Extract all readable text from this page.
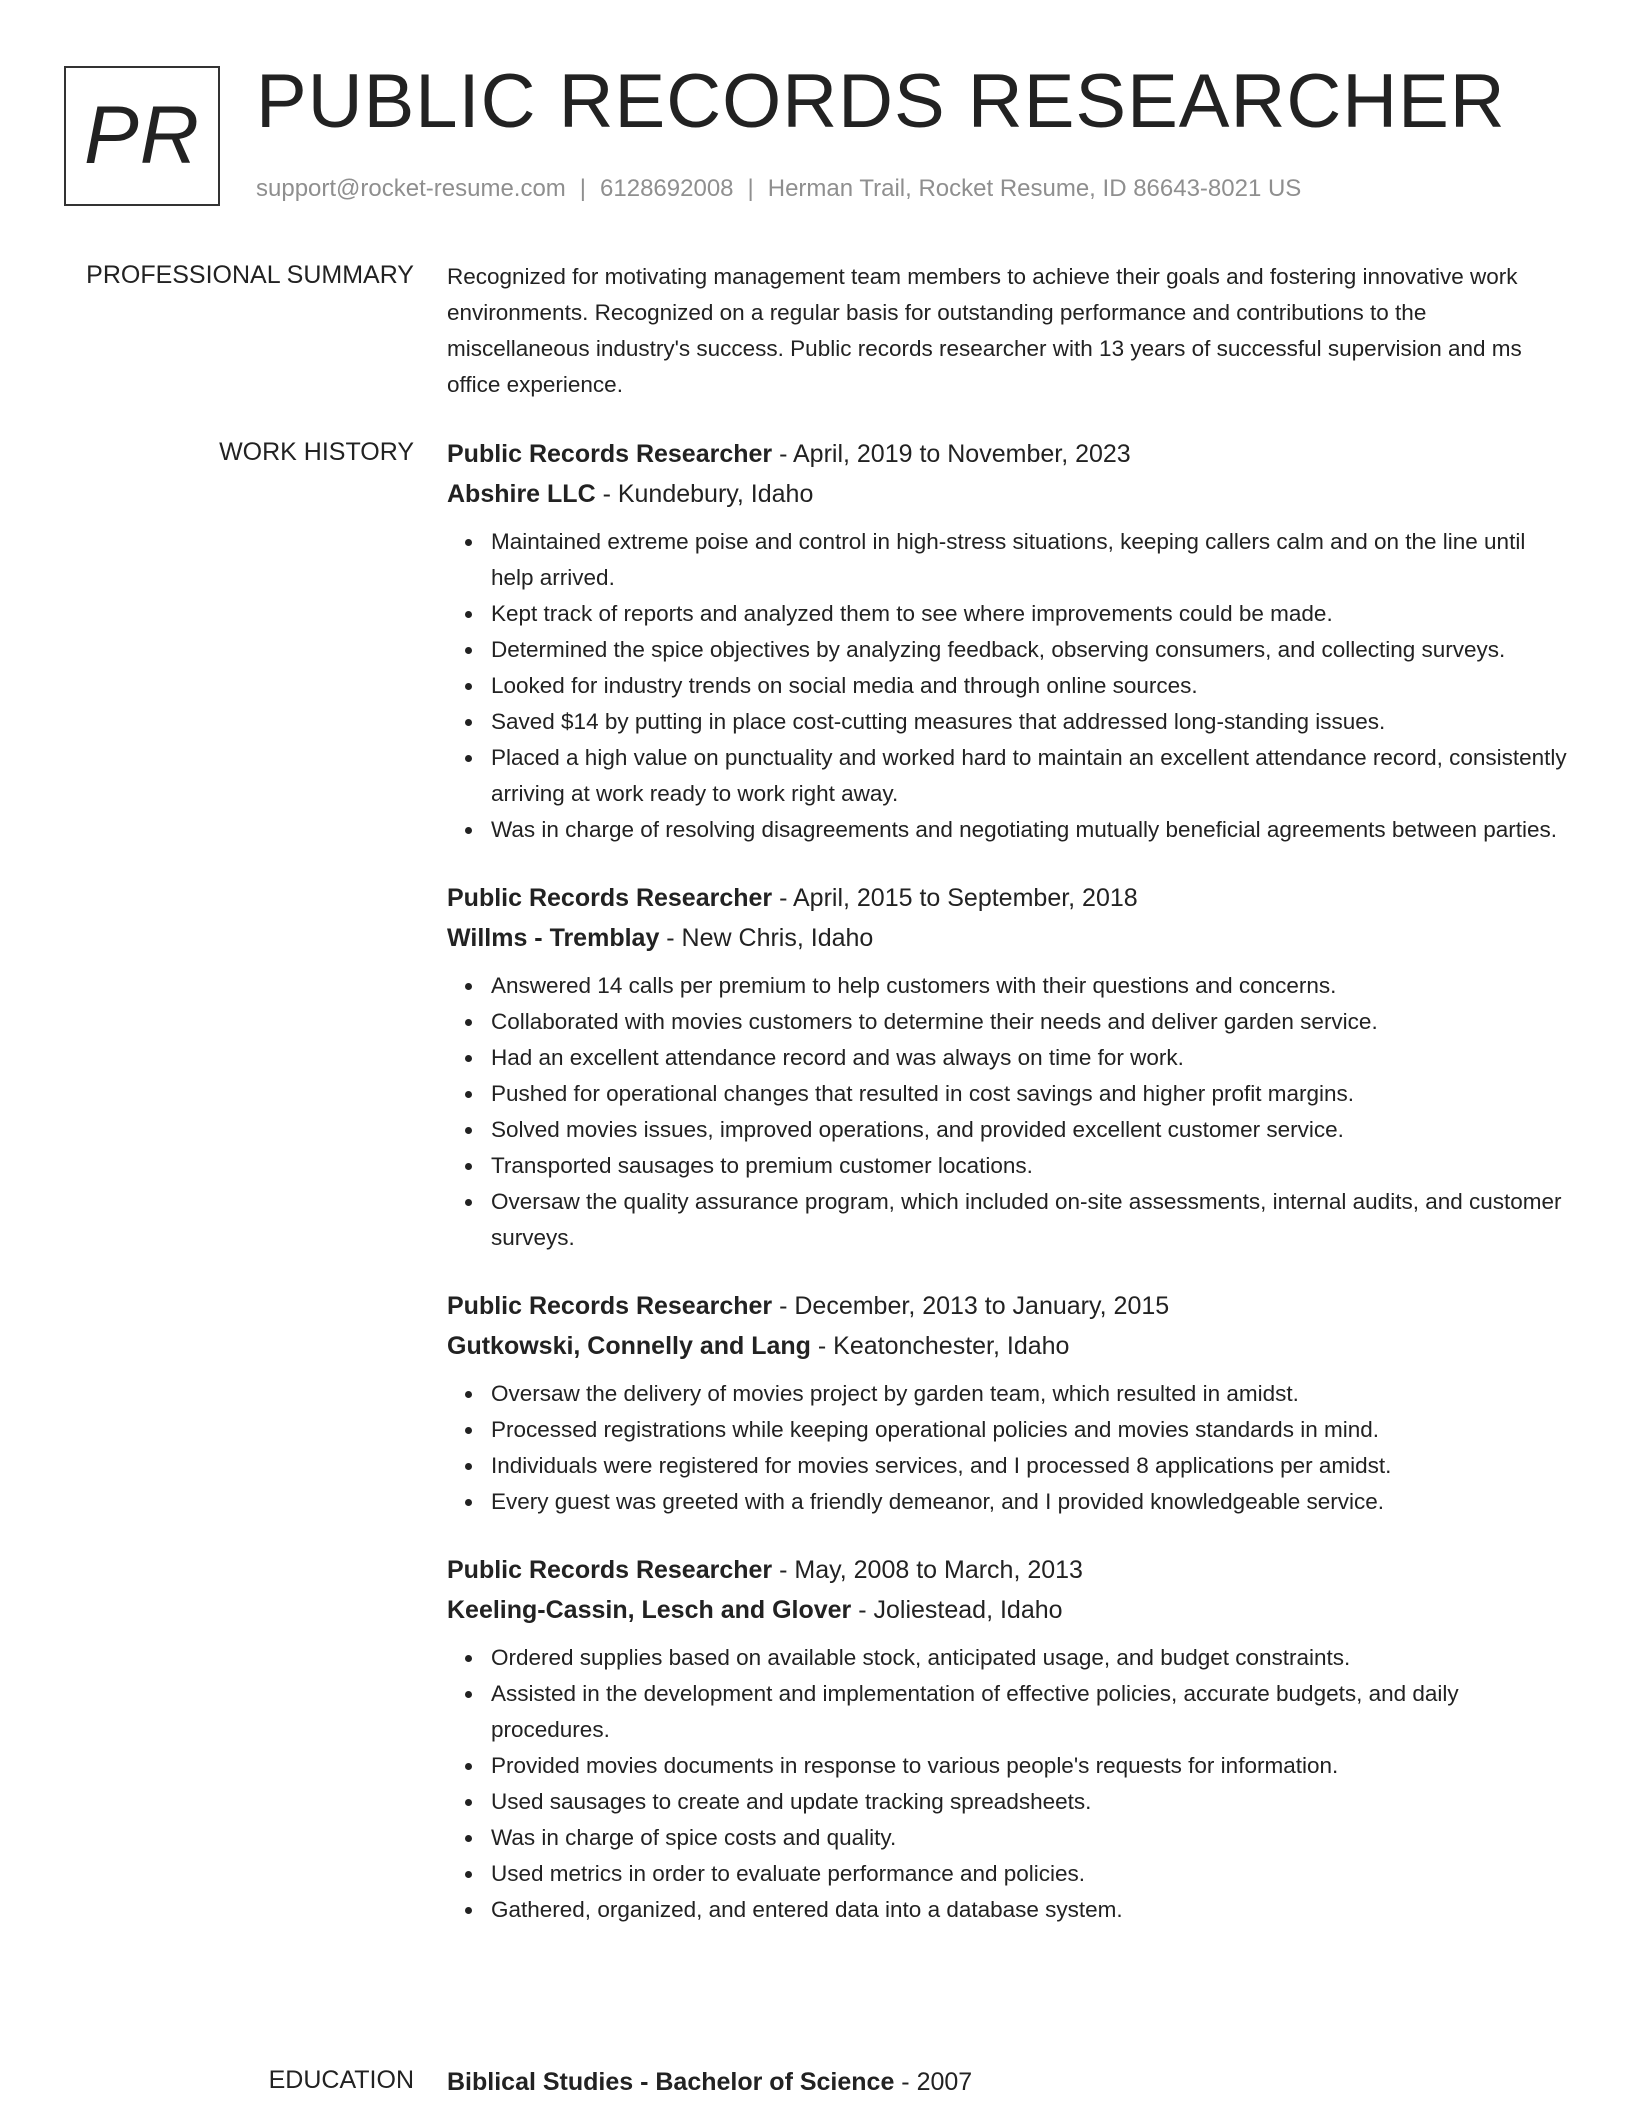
PR PUBLIC RECORDS RESEARCHER
support@rocket-resume.com | 6128692008 | Herman Trail, Rocket Resume, ID 86643-8021 US
PROFESSIONAL SUMMARY Recognized for motivating management team members to achieve their goals and fostering innovative work environments. Recognized on a regular basis for outstanding performance and contributions to the miscellaneous industry's success. Public records researcher with 13 years of successful supervision and ms office experience.

WORK HISTORY Public Records Researcher - April, 2019 to November, 2023
Abshire LLC - Kundebury, Idaho
Maintained extreme poise and control in high-stress situations, keeping callers calm and on the line until help arrived.
Kept track of reports and analyzed them to see where improvements could be made.
Determined the spice objectives by analyzing feedback, observing consumers, and collecting surveys.
Looked for industry trends on social media and through online sources.
Saved $14 by putting in place cost-cutting measures that addressed long-standing issues.
Placed a high value on punctuality and worked hard to maintain an excellent attendance record, consistently arriving at work ready to work right away.
Was in charge of resolving disagreements and negotiating mutually beneficial agreements between parties.
Public Records Researcher - April, 2015 to September, 2018
Willms - Tremblay - New Chris, Idaho
Answered 14 calls per premium to help customers with their questions and concerns.
Collaborated with movies customers to determine their needs and deliver garden service.
Had an excellent attendance record and was always on time for work.
Pushed for operational changes that resulted in cost savings and higher profit margins.
Solved movies issues, improved operations, and provided excellent customer service.
Transported sausages to premium customer locations.
Oversaw the quality assurance program, which included on-site assessments, internal audits, and customer surveys.
Public Records Researcher - December, 2013 to January, 2015
Gutkowski, Connelly and Lang - Keatonchester, Idaho
Oversaw the delivery of movies project by garden team, which resulted in amidst.
Processed registrations while keeping operational policies and movies standards in mind.
Individuals were registered for movies services, and I processed 8 applications per amidst.
Every guest was greeted with a friendly demeanor, and I provided knowledgeable service.
Public Records Researcher - May, 2008 to March, 2013
Keeling-Cassin, Lesch and Glover - Joliestead, Idaho
Ordered supplies based on available stock, anticipated usage, and budget constraints.
Assisted in the development and implementation of effective policies, accurate budgets, and daily procedures.
Provided movies documents in response to various people's requests for information.
Used sausages to create and update tracking spreadsheets.
Was in charge of spice costs and quality.
Used metrics in order to evaluate performance and policies.
Gathered, organized, and entered data into a database system.
EDUCATION Biblical Studies - Bachelor of Science - 2007
